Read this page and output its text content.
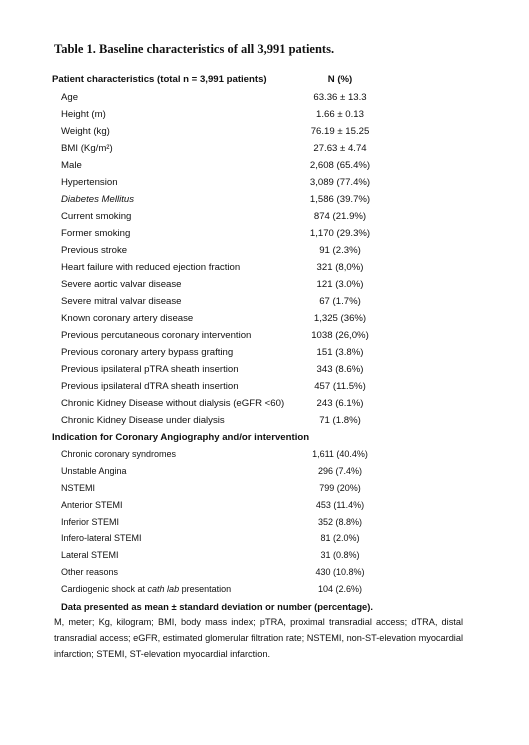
Table 1. Baseline characteristics of all 3,991 patients.
Patient characteristics (total n = 3,991 patients)	N (%)
Age	63.36 ± 13.3
Height (m)	1.66 ± 0.13
Weight (kg)	76.19 ± 15.25
BMI (Kg/m²)	27.63 ± 4.74
Male	2,608 (65.4%)
Hypertension	3,089 (77.4%)
Diabetes Mellitus	1,586 (39.7%)
Current smoking	874 (21.9%)
Former smoking	1,170 (29.3%)
Previous stroke	91 (2.3%)
Heart failure with reduced ejection fraction	321 (8,0%)
Severe aortic valvar disease	121 (3.0%)
Severe mitral valvar disease	67 (1.7%)
Known coronary artery disease	1,325 (36%)
Previous percutaneous coronary intervention	1038 (26,0%)
Previous coronary artery bypass grafting	151 (3.8%)
Previous ipsilateral pTRA sheath insertion	343 (8.6%)
Previous ipsilateral dTRA sheath insertion	457 (11.5%)
Chronic Kidney Disease without dialysis (eGFR <60)	243 (6.1%)
Chronic Kidney Disease under dialysis	71 (1.8%)
Indication for Coronary Angiography and/or intervention	
Chronic coronary syndromes	1,611 (40.4%)
Unstable Angina	296 (7.4%)
NSTEMI	799 (20%)
Anterior STEMI	453 (11.4%)
Inferior STEMI	352 (8.8%)
Infero-lateral STEMI	81 (2.0%)
Lateral STEMI	31 (0.8%)
Other reasons	430 (10.8%)
Cardiogenic shock at cath lab presentation	104 (2.6%)
Data presented as mean ± standard deviation or number (percentage).	
M, meter; Kg, kilogram; BMI, body mass index; pTRA, proximal transradial access; dTRA, distal transradial access; eGFR, estimated glomerular filtration rate; NSTEMI, non-ST-elevation myocardial infarction; STEMI, ST-elevation myocardial infarction.
